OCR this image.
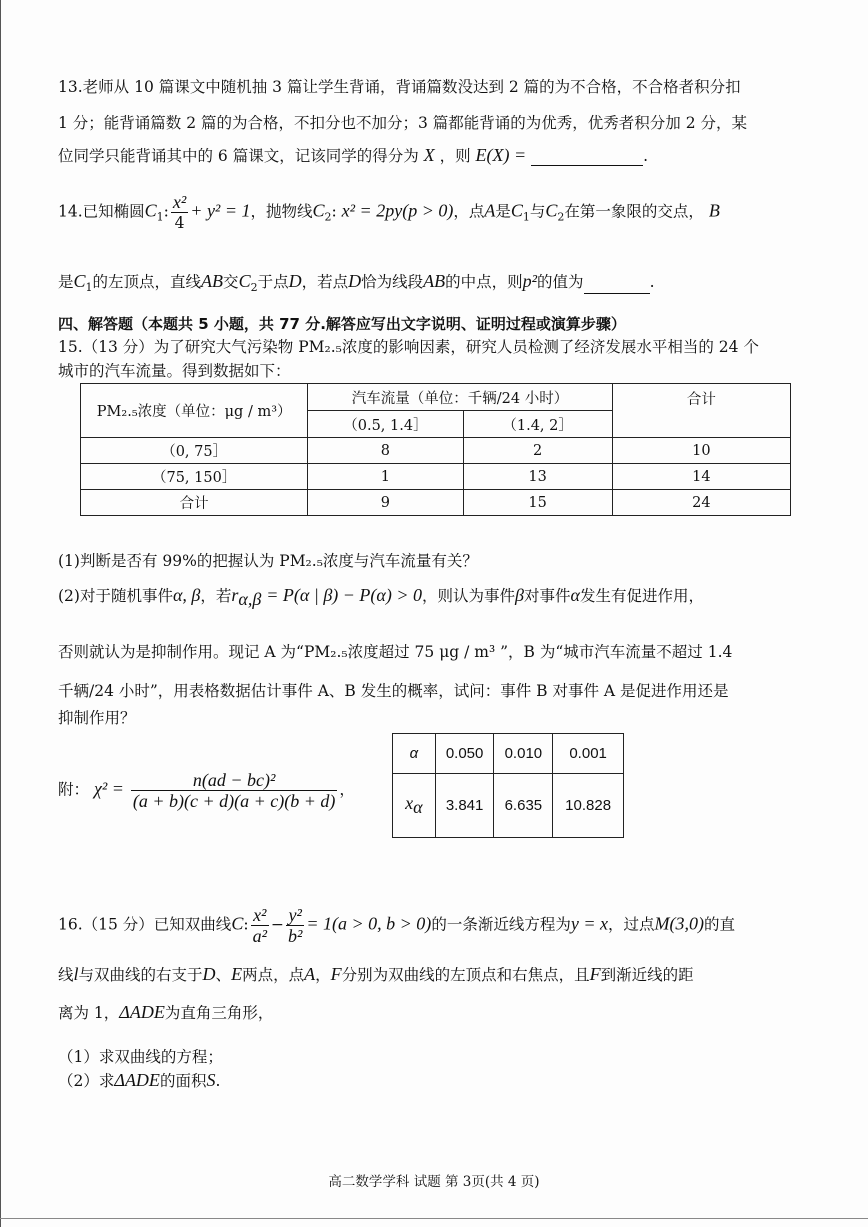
13.老师从 10 篇课文中随机抽 3 篇让学生背诵，背诵篇数没达到 2 篇的为不合格，不合格者积分扣
1 分；能背诵篇数 2 篇的为合格，不扣分也不加分；3 篇都能背诵的为优秀，优秀者积分加 2 分，某
位同学只能背诵其中的 6 篇课文，记该同学的得分为 X ，则 E(X) =	.
14.已知椭圆$C_1$: $\frac{\text{x²}}{4} + y^2 = 1$，抛物线$C_2$: x² = 2py(p > 0)，点A是$C_1$与$C_2$在第一象限的交点， B
是$C_1$的左顶点，直线AB交$C_2$于点D，若点D恰为线段AB的中点，则p²的值为	.
四、解答题（本题共 5 小题，共 77 分.解答应写出文字说明、证明过程或演算步骤）
15.（13 分）为了研究大气污染物 PM₂.₅浓度的影响因素，研究人员检测了经济发展水平相当的 24 个
城市的汽车流量。得到数据如下：
PM₂.₅浓度（单位：μg / m³）	汽车流量（单位：千辆/24 小时）		合计
	（0.5, 1.4］	（1.4, 2］	
（0, 75］	8	2	10
（75, 150］	1	13	14
合计	9	15	24
(1)判断是否有 99%的把握认为 PM₂.₅浓度与汽车流量有关？
(2)对于随机事件α, β，若$r_{\alpha,\beta} = P(\alpha$ | β) − P(α) > 0，则认为事件β对事件α发生有促进作用，
否则就认为是抑制作用。现记 A 为“PM₂.₅浓度超过 75 μg / m³ ”，B 为“城市汽车流量不超过 1.4
千辆/24 小时”，用表格数据估计事件 A、B 发生的概率，试问：事件 B 对事件 A 是促进作用还是
抑制作用？
附： $\chi^2 = \frac{\text{n(ad − bc)²}}{(a + b)(c + d)(a + c)(b + d)}$ ，
α	0.050	0.010	0.001
$x_\alpha$	3.841	6.635	10.828
16.（15 分）已知双曲线C: $\frac{\text{x²}}{\text{a²}} - \frac{\text{y²}}{\text{b²}} = 1(a > 0$, b > 0)的一条渐近线方程为y = x，过点M(3,0)的直
线l与双曲线的右支于D、E两点，点A，F分别为双曲线的左顶点和右焦点，且F到渐近线的距
离为 1，ΔADE为直角三角形，
（1）求双曲线的方程；
（2）求ΔADE的面积S.
高二数学学科 试题 第 3页(共 4 页)
